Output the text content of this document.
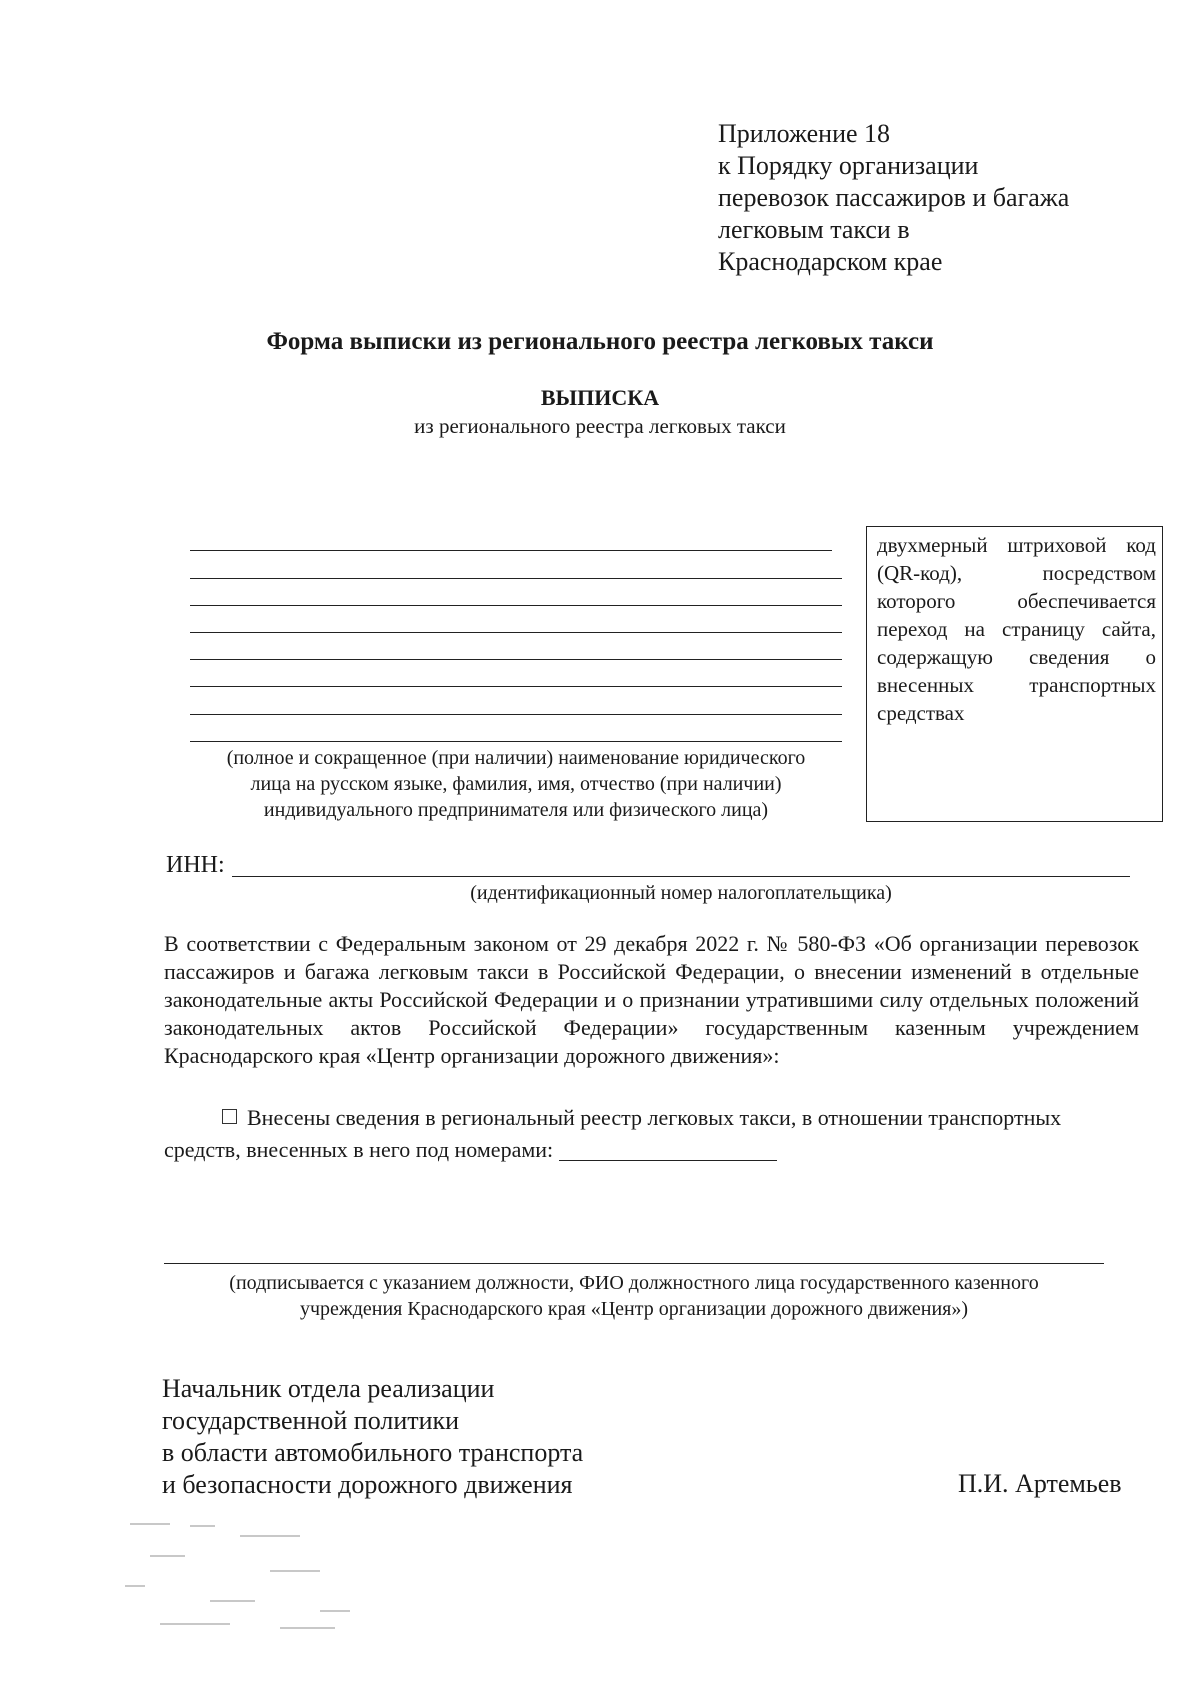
Приложение 18
к Порядку организации
перевозок пассажиров и багажа
легковым такси в
Краснодарском крае
Форма выписки из регионального реестра легковых такси
ВЫПИСКА
из регионального реестра легковых такси
(полное и сокращенное (при наличии) наименование юридического
лица на русском языке, фамилия, имя, отчество (при наличии)
индивидуального предпринимателя или физического лица)
двухмерный штриховой код (QR-код), посредством которого обеспечивается переход на страницу сайта, содержащую сведения о внесенных транспортных средствах
ИНН:
(идентификационный номер налогоплательщика)
В соответствии с Федеральным законом от 29 декабря 2022 г. № 580-ФЗ «Об организации перевозок пассажиров и багажа легковым такси в Российской Федерации, о внесении изменений в отдельные законодательные акты Российской Федерации и о признании утратившими силу отдельных положений законодательных актов Российской Федерации» государственным казенным учреждением Краснодарского края «Центр организации дорожного движения»:
Внесены сведения в региональный реестр легковых такси, в отношении транспортных средств, внесенных в него под номерами:
(подписывается с указанием должности, ФИО должностного лица государственного казенного
учреждения Краснодарского края «Центр организации дорожного движения»)
Начальник отдела реализации
государственной политики
в области автомобильного транспорта
и безопасности дорожного движения	П.И. Артемьев
